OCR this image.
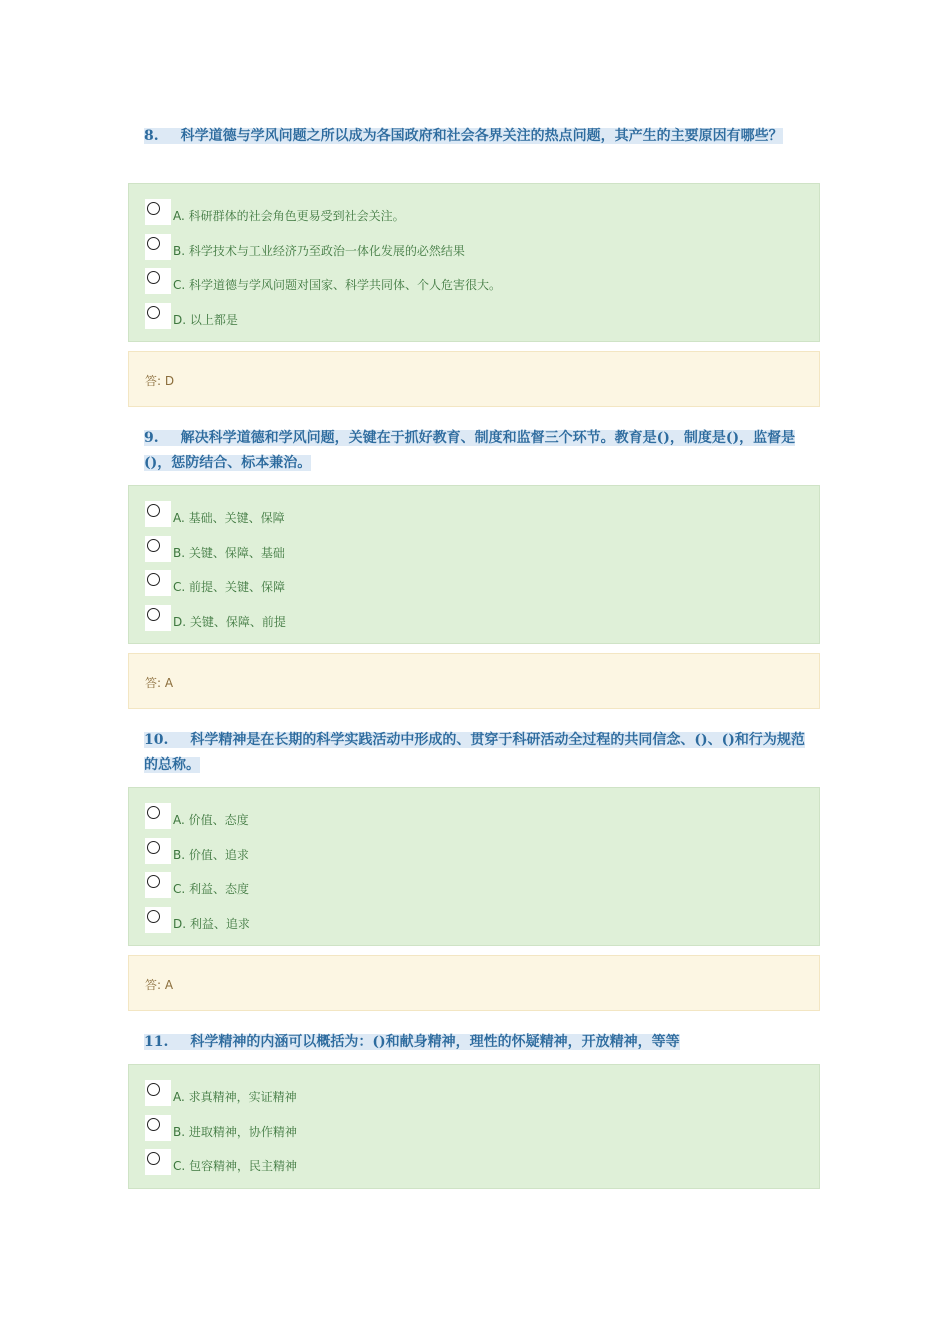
8. 科学道德与学风问题之所以成为各国政府和社会各界关注的热点问题，其产生的主要原因有哪些？
A. 科研群体的社会角色更易受到社会关注。
B. 科学技术与工业经济乃至政治一体化发展的必然结果
C. 科学道德与学风问题对国家、科学共同体、个人危害很大。
D. 以上都是
答: D
9. 解决科学道德和学风问题，关键在于抓好教育、制度和监督三个环节。教育是()，制度是()，监督是()，惩防结合、标本兼治。
A. 基础、关键、保障
B. 关键、保障、基础
C. 前提、关键、保障
D. 关键、保障、前提
答: A
10. 科学精神是在长期的科学实践活动中形成的、贯穿于科研活动全过程的共同信念、()、()和行为规范的总称。
A. 价值、态度
B. 价值、追求
C. 利益、态度
D. 利益、追求
答: A
11. 科学精神的内涵可以概括为：()和献身精神，理性的怀疑精神，开放精神，等等
A. 求真精神，实证精神
B. 进取精神，协作精神
C. 包容精神，民主精神
